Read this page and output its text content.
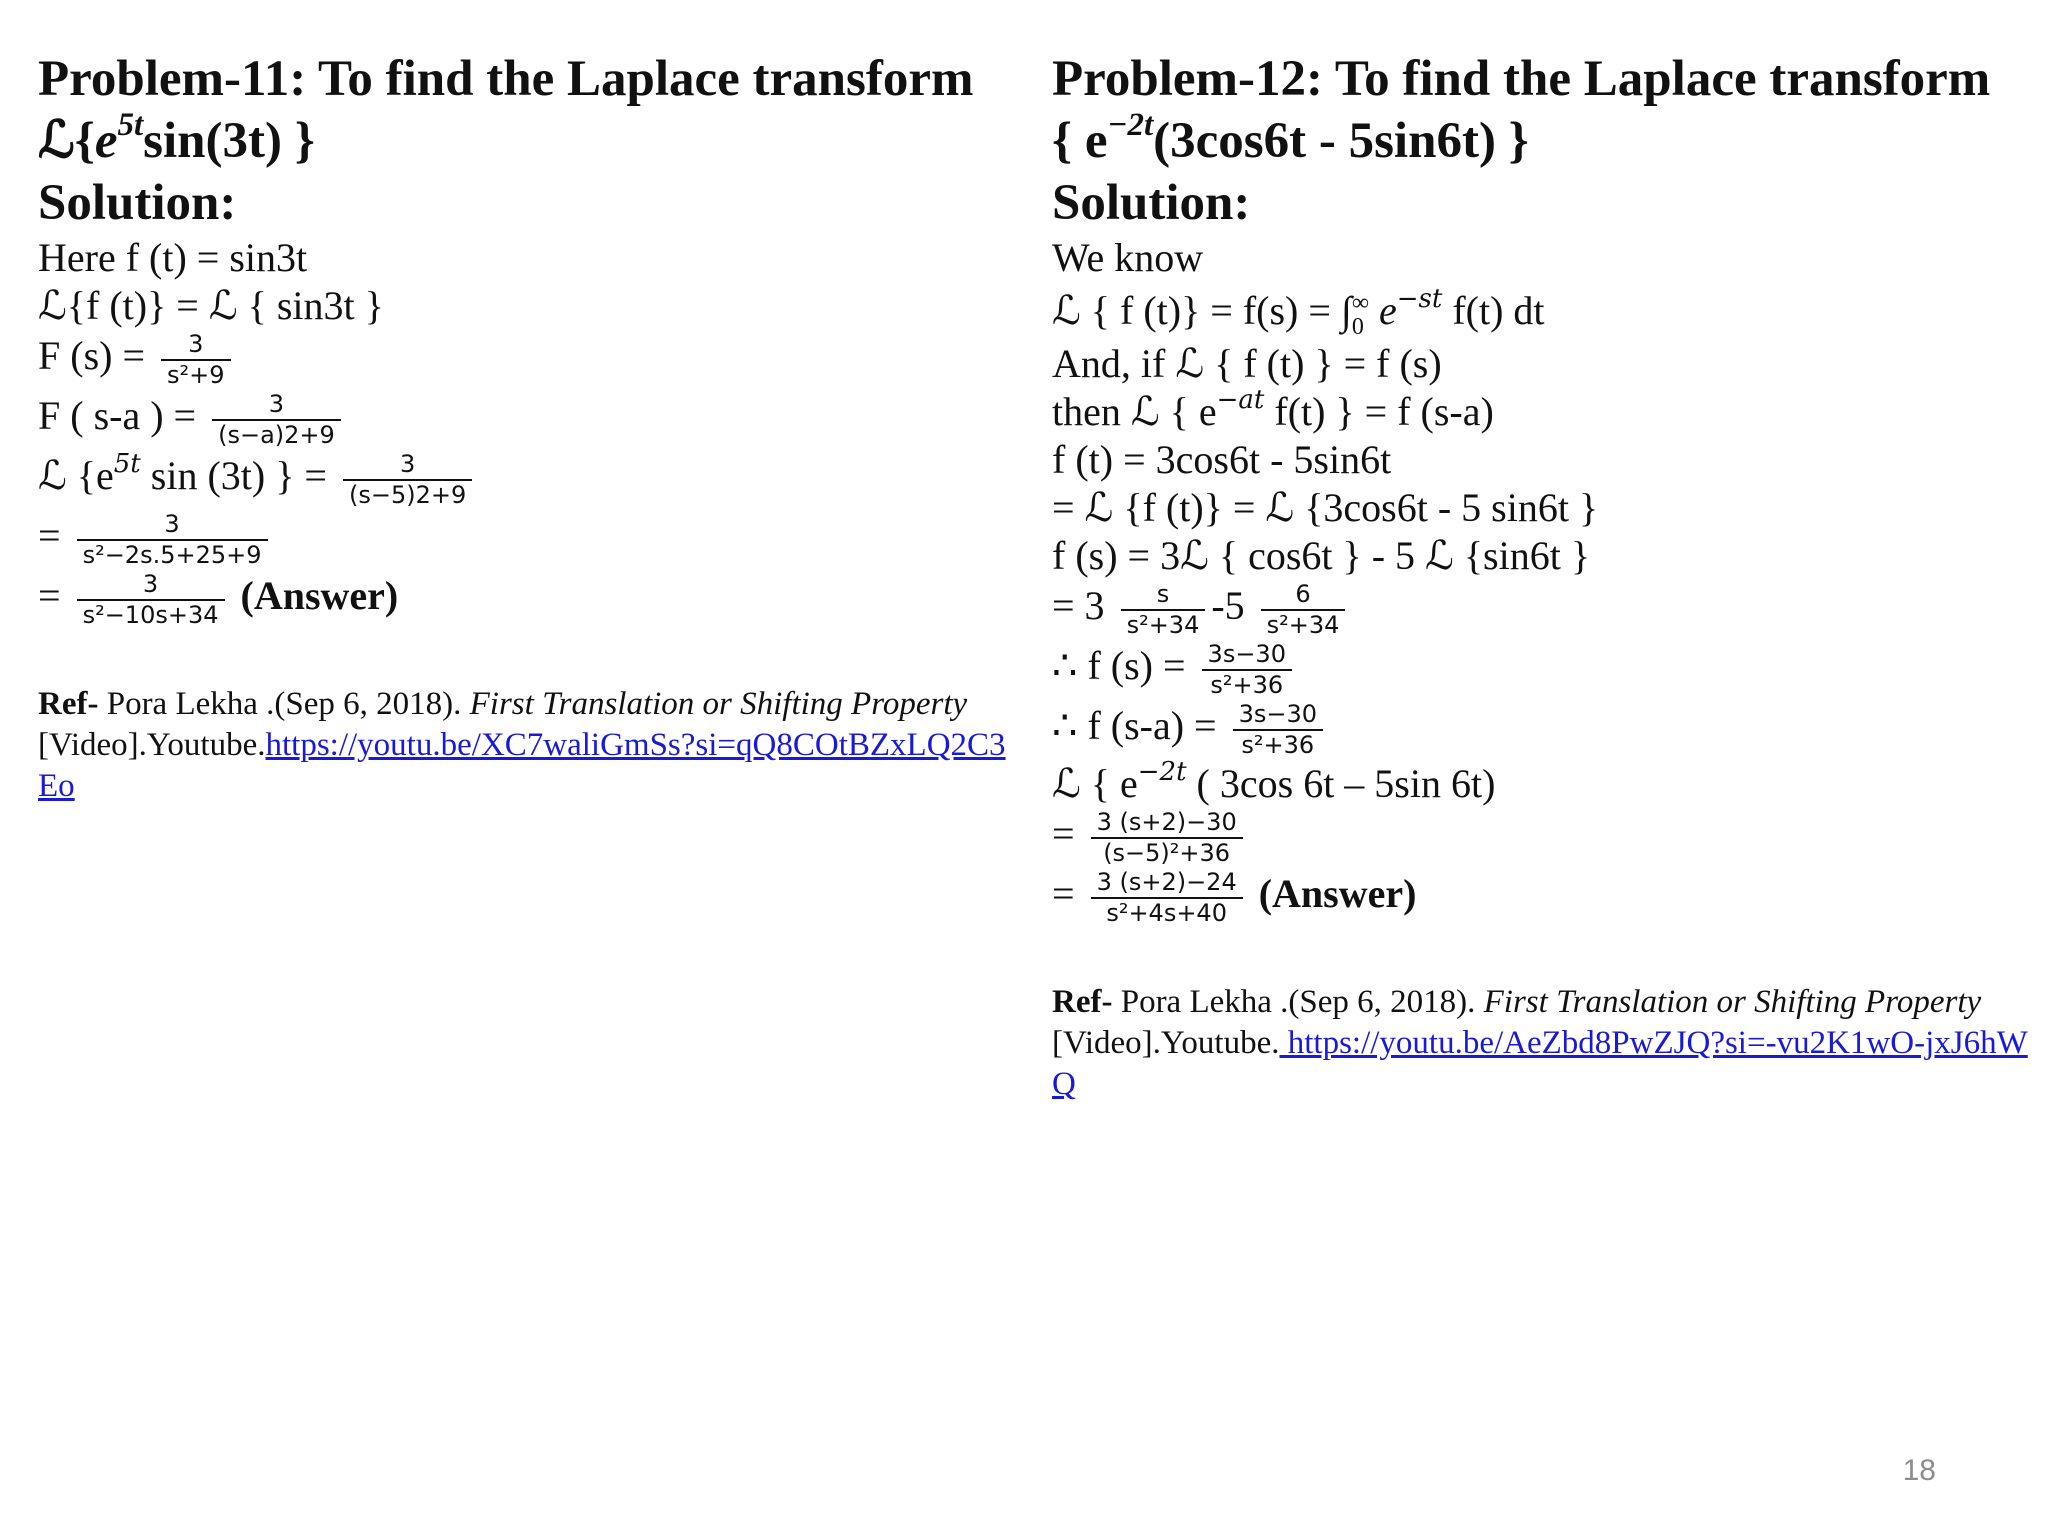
Problem-11: To find the Laplace transform
$ℒ\{e^{5t}\sin(3t)$ }
Solution:
Here f (t) = sin3t
ℒ{f (t)} = ℒ { sin3t }
F $(s) = \frac{3}{\text{s²+9}}$
F ( s-a ) = $\frac{3}{(s-a)2+9}$
ℒ {$e^{5t}$ sin (3t) } = $\frac{3}{(s-5)2+9}$
= $\frac{3}{\text{s²−2s.5+25+9}}$
= $\frac{3}{\text{s²−10s+34}}$ (Answer)
Ref- Pora Lekha .(Sep 6, 2018). First Translation or Shifting Property [Video].Youtube.https://youtu.be/XC7waliGmSs?si=qQ8COtBZxLQ2C3Eo
Problem-12: To find the Laplace transform
{ $e^{-2t}(3\cos 6t - 5\sin 6t)$ }
Solution:
We know
ℒ { f (t)} = f(s) = ∫ ∞
0 $e^{-st}$ f(t) dt
And, if ℒ { f (t) } = f (s)
then ℒ { $e^{-at}$ f(t) } = f (s-a)
f (t) = 3cos6t - 5sin6t
= ℒ {f (t)} = ℒ {3cos6t - 5 sin6t }
f (s) = 3ℒ { cos6t } - 5 ℒ {sin6t }
= $3 \frac{s}{\text{s²+34}} -5 \frac{6}{\text{s²+34}}$
∴ f $(s) = \frac{3s-30}{\text{s²+36}}$
∴ f $(s-a) = \frac{3s-30}{\text{s²+36}}$
ℒ { $e^{-2t}$ ( 3cos 6t – 5sin 6t)
= $\frac{3 (s+2)-30}{\text{(s−5)²+36}}$
= $\frac{3 (s+2)-24}{\text{s²+4s+40}}$ (Answer)
Ref- Pora Lekha .(Sep 6, 2018). First Translation or Shifting Property [Video].Youtube. https://youtu.be/AeZbd8PwZJQ?si=-vu2K1wO-jxJ6hWQ
18
